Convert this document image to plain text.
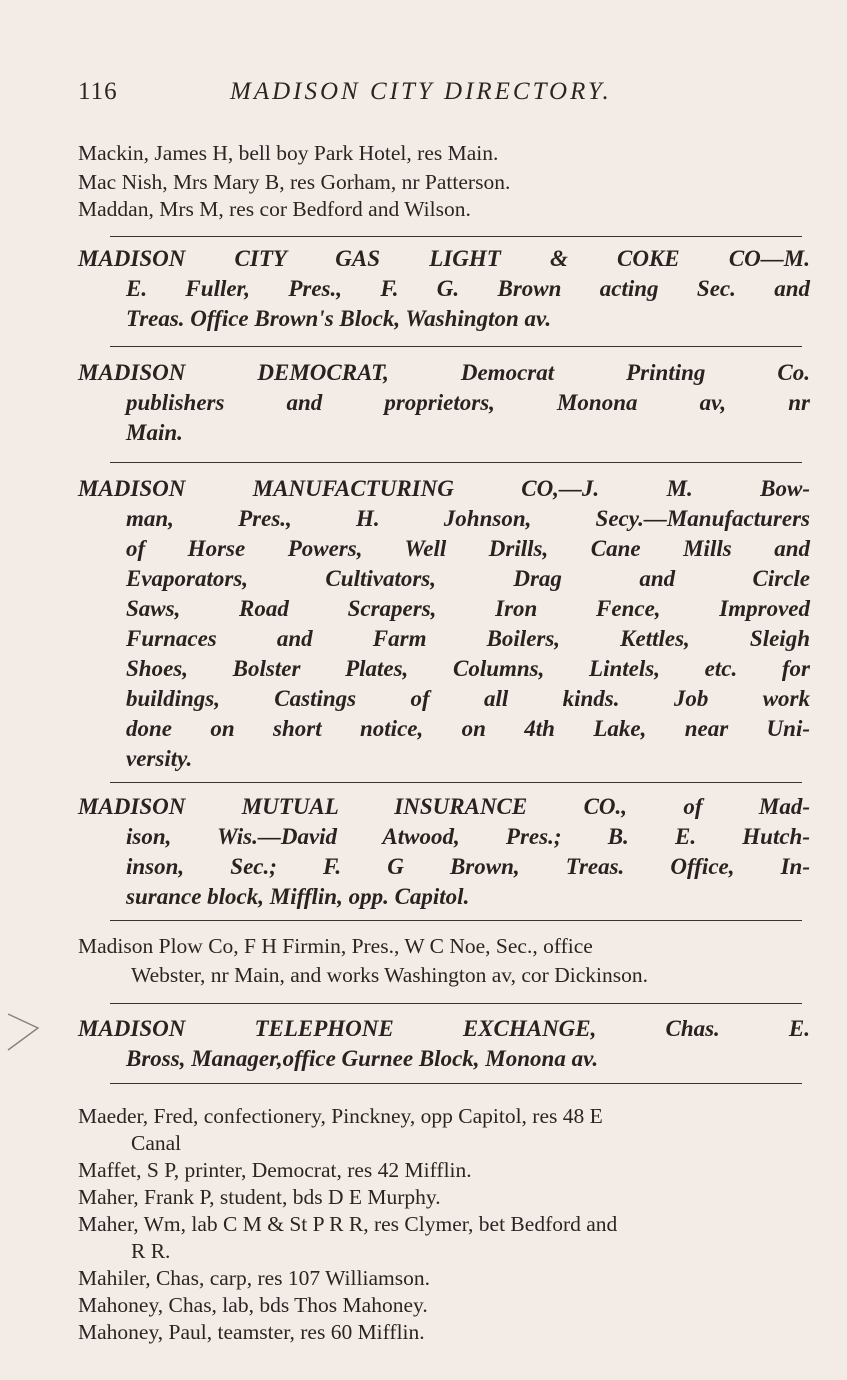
116	MADISON CITY DIRECTORY.
Mackin, James H, bell boy Park Hotel, res Main.
Mac Nish, Mrs Mary B, res Gorham, nr Patterson.
Maddan, Mrs M, res cor Bedford and Wilson.
MADISON CITY GAS LIGHT & COKE CO—M.
E. Fuller, Pres., F. G. Brown acting Sec. and
Treas. Office Brown's Block, Washington av.
MADISON DEMOCRAT, Democrat Printing Co.
publishers and proprietors, Monona av, nr
Main.
MADISON MANUFACTURING CO,—J. M. Bow-
man, Pres., H. Johnson, Secy.—Manufacturers
of Horse Powers, Well Drills, Cane Mills and
Evaporators, Cultivators, Drag and Circle
Saws, Road Scrapers, Iron Fence, Improved
Furnaces and Farm Boilers, Kettles, Sleigh
Shoes, Bolster Plates, Columns, Lintels, etc. for
buildings, Castings of all kinds. Job work
done on short notice, on 4th Lake, near Uni-
versity.
MADISON MUTUAL INSURANCE CO., of Mad-
ison, Wis.—David Atwood, Pres.; B. E. Hutch-
inson, Sec.; F. G Brown, Treas. Office, In-
surance block, Mifflin, opp. Capitol.
Madison Plow Co, F H Firmin, Pres., W C Noe, Sec., office
Webster, nr Main, and works Washington av, cor Dickinson.
MADISON TELEPHONE EXCHANGE, Chas. E.
Bross, Manager,office Gurnee Block, Monona av.
Maeder, Fred, confectionery, Pinckney, opp Capitol, res 48 E
Canal
Maffet, S P, printer, Democrat, res 42 Mifflin.
Maher, Frank P, student, bds D E Murphy.
Maher, Wm, lab C M & St P R R, res Clymer, bet Bedford and
R R.
Mahiler, Chas, carp, res 107 Williamson.
Mahoney, Chas, lab, bds Thos Mahoney.
Mahoney, Paul, teamster, res 60 Mifflin.
